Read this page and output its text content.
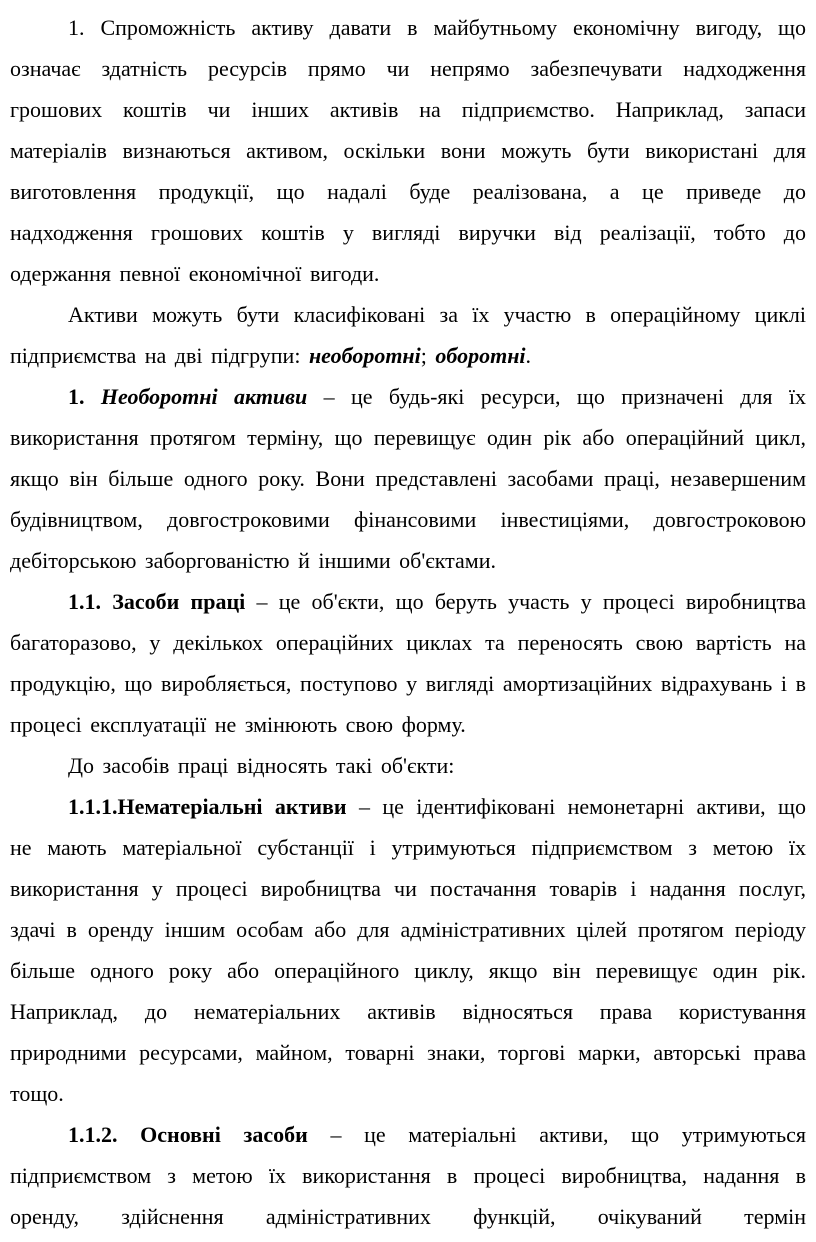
1. Спроможність активу давати в майбутньому економічну вигоду, що означає здатність ресурсів прямо чи непрямо забезпечувати надходження грошових коштів чи інших активів на підприємство. Наприклад, запаси матеріалів визнаються активом, оскільки вони можуть бути використані для виготовлення продукції, що надалі буде реалізована, а це приведе до надходження грошових коштів у вигляді виручки від реалізації, тобто до одержання певної економічної вигоди.

Активи можуть бути класифіковані за їх участю в операційному циклі підприємства на дві підгрупи: необоротні; оборотні.

1. Необоротні активи – це будь-які ресурси, що призначені для їх використання протягом терміну, що перевищує один рік або операційний цикл, якщо він більше одного року. Вони представлені засобами праці, незавершеним будівництвом, довгостроковими фінансовими інвестиціями, довгостроковою дебіторською заборгованістю й іншими об'єктами.

1.1. Засоби праці – це об'єкти, що беруть участь у процесі виробництва багаторазово, у декількох операційних циклах та переносять свою вартість на продукцію, що виробляється, поступово у вигляді амортизаційних відрахувань і в процесі експлуатації не змінюють свою форму.

До засобів праці відносять такі об'єкти:

1.1.1.Нематеріальні активи – це ідентифіковані немонетарні активи, що не мають матеріальної субстанції і утримуються підприємством з метою їх використання у процесі виробництва чи постачання товарів і надання послуг, здачі в оренду іншим особам або для адміністративних цілей протягом періоду більше одного року або операційного циклу, якщо він перевищує один рік. Наприклад, до нематеріальних активів відносяться права користування природними ресурсами, майном, товарні знаки, торгові марки, авторські права тощо.

1.1.2. Основні засоби – це матеріальні активи, що утримуються підприємством з метою їх використання в процесі виробництва, надання в оренду, здійснення адміністративних функцій, очікуваний термін
